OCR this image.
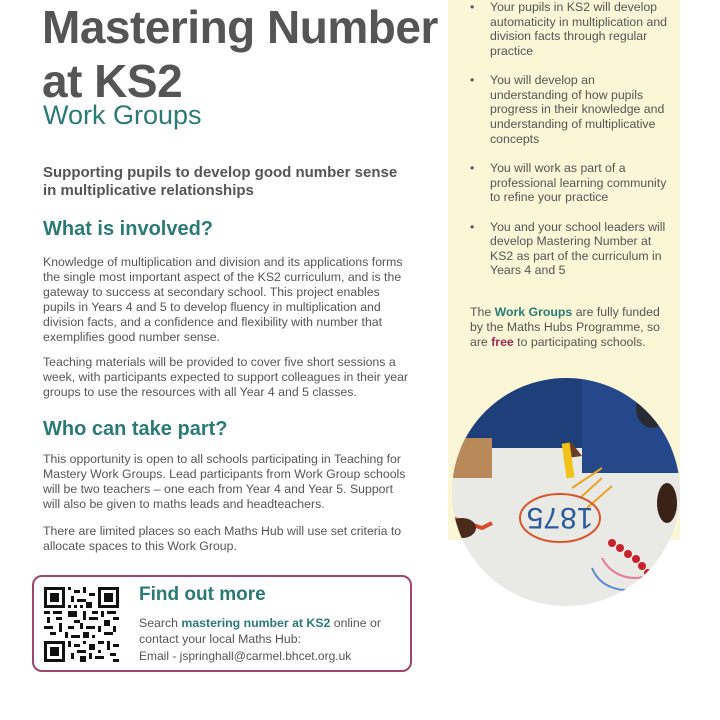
Mastering Number
at KS2
Work Groups
Supporting pupils to develop good number sense in multiplicative relationships
What is involved?

Knowledge of multiplication and division and its applications forms the single most important aspect of the KS2 curriculum, and is the gateway to success at secondary school. This project enables pupils in Years 4 and 5 to develop fluency in multiplication and division facts, and a confidence and flexibility with number that exemplifies good number sense.

Teaching materials will be provided to cover five short sessions a week, with participants expected to support colleagues in their year groups to use the resources with all Year 4 and 5 classes.

Who can take part?

This opportunity is open to all schools participating in Teaching for Mastery Work Groups. Lead participants from Work Group schools will be two teachers – one each from Year 4 and Year 5. Support will also be given to maths leads and headteachers.

There are limited places so each Maths Hub will use set criteria to allocate spaces to this Work Group.

• Your pupils in KS2 will develop automaticity in multiplication and division facts through regular practice
• You will develop an understanding of how pupils progress in their knowledge and understanding of multiplicative concepts
• You will work as part of a professional learning community to refine your practice
• You and your school leaders will develop Mastering Number at KS2 as part of the curriculum in Years 4 and 5
The Work Groups are fully funded by the Maths Hubs Programme, so are free to participating schools.
1875
Find out more
Search mastering number at KS2 online or contact your local Maths Hub:
Email - jspringhall@carmel.bhcet.org.uk
